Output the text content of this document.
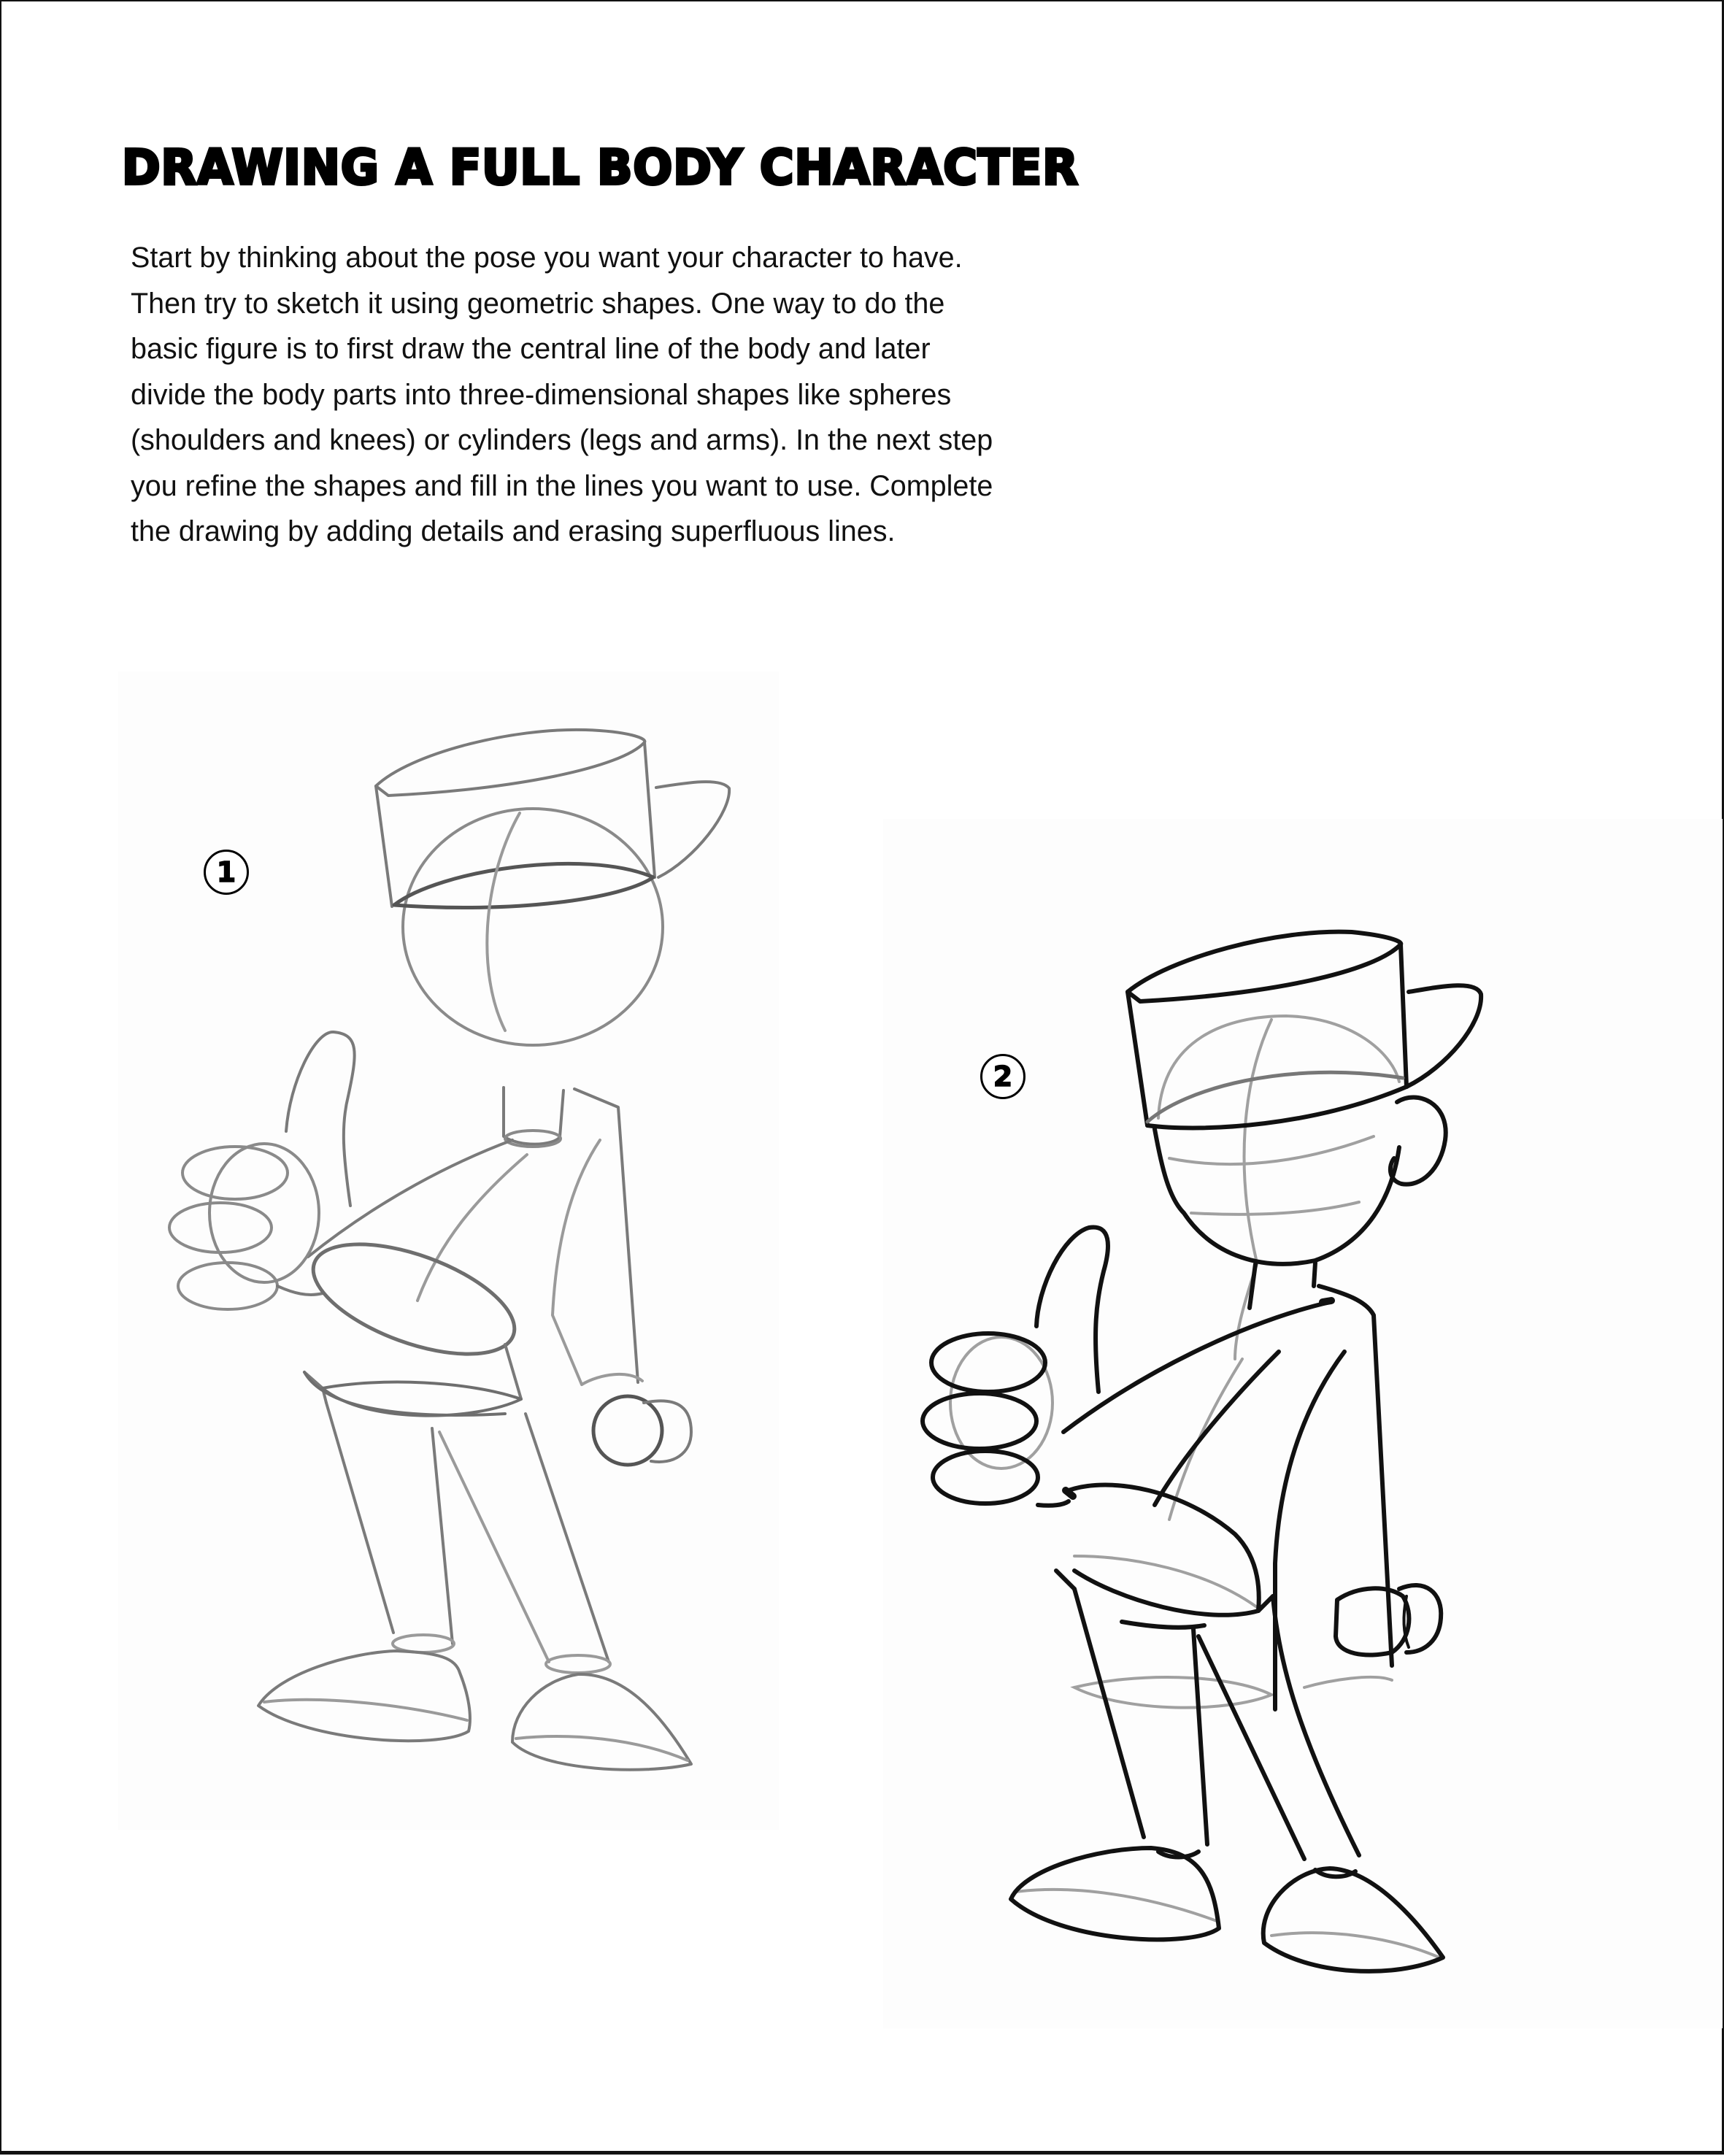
DRAWING A FULL BODY CHARACTER

Start by thinking about the pose you want your character to have.
Then try to sketch it using geometric shapes. One way to do the
basic figure is to first draw the central line of the body and later
divide the body parts into three-dimensional shapes like spheres
(shoulders and knees) or cylinders (legs and arms). In the next step
you refine the shapes and fill in the lines you want to use. Complete
the drawing by adding details and erasing superfluous lines.

1
2
